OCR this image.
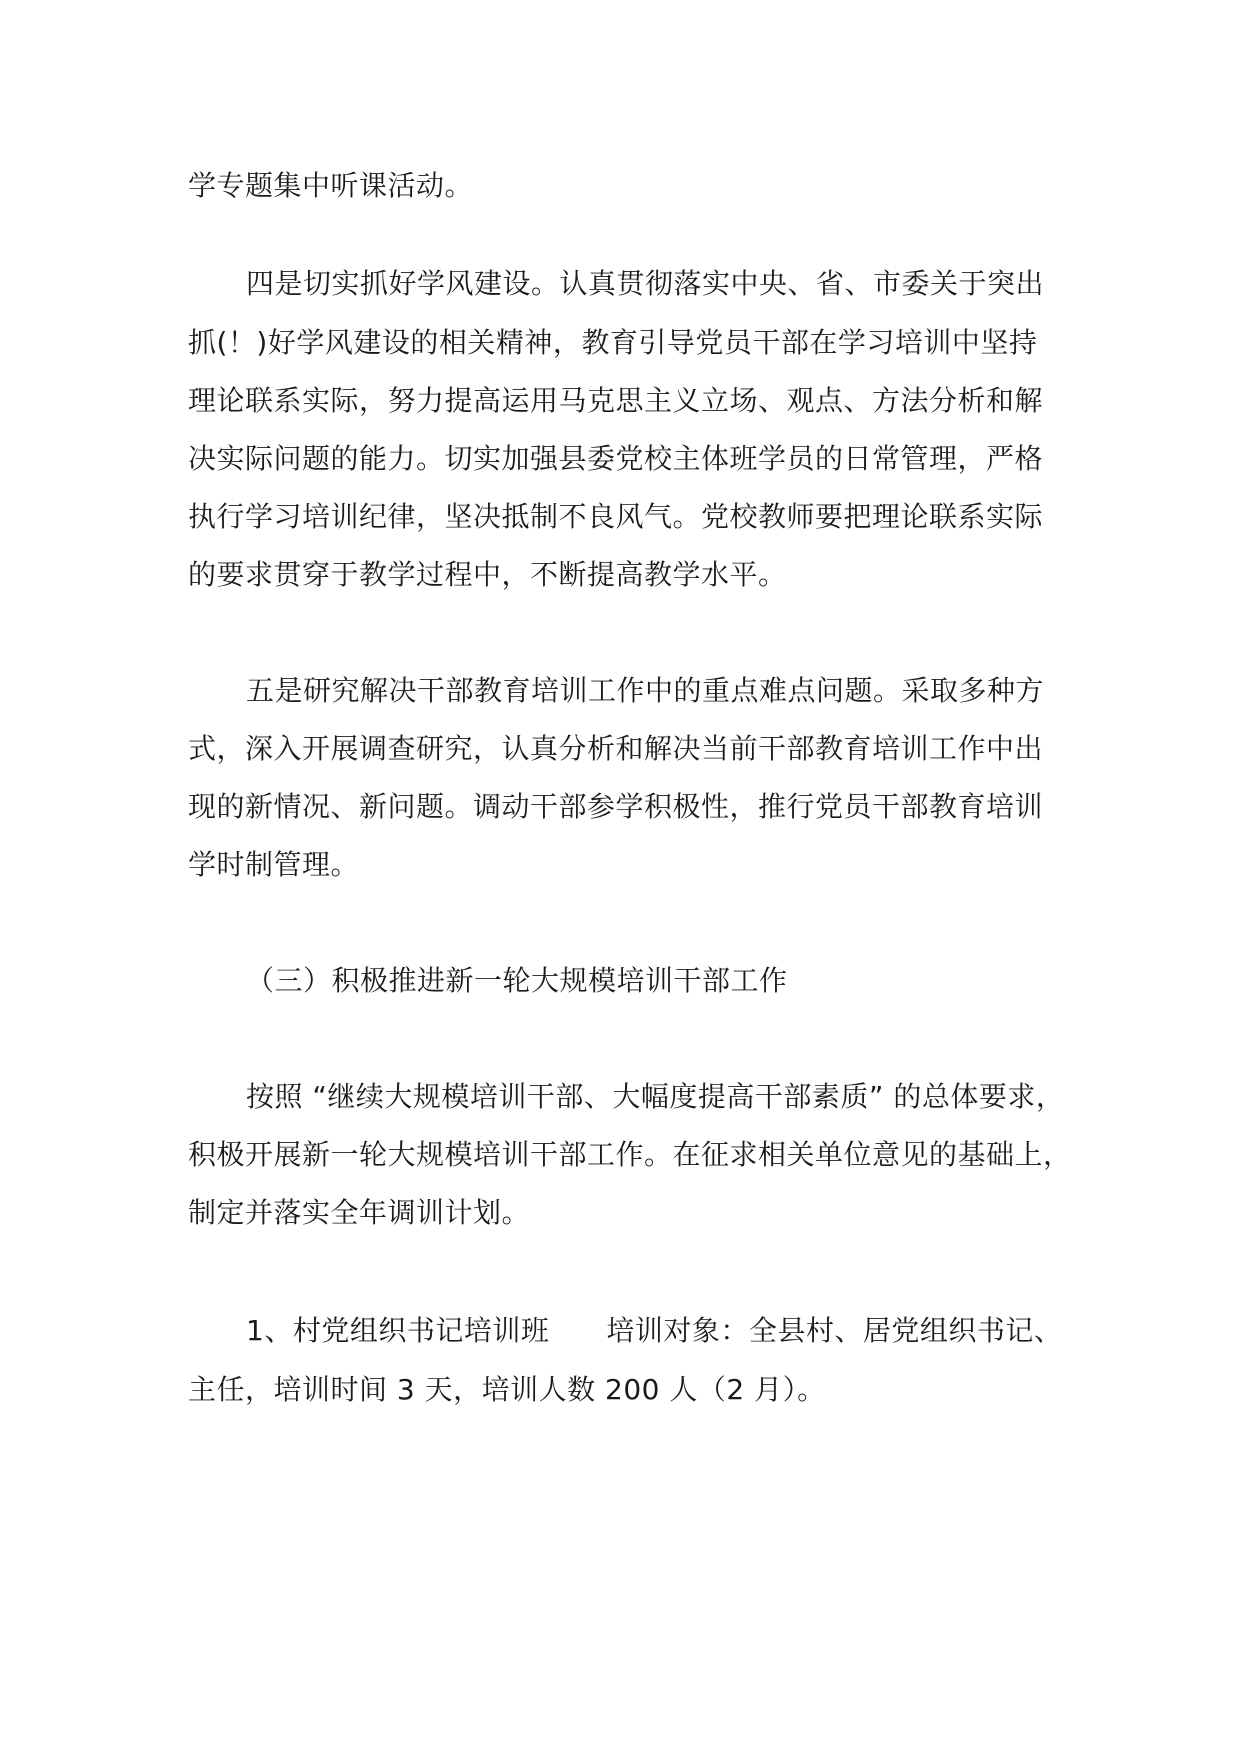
学专题集中听课活动。
四是切实抓好学风建设。认真贯彻落实中央、省、市委关于突出
抓(！)好学风建设的相关精神，教育引导党员干部在学习培训中坚持
理论联系实际，努力提高运用马克思主义立场、观点、方法分析和解
决实际问题的能力。切实加强县委党校主体班学员的日常管理，严格
执行学习培训纪律，坚决抵制不良风气。党校教师要把理论联系实际
的要求贯穿于教学过程中，不断提高教学水平。
五是研究解决干部教育培训工作中的重点难点问题。采取多种方
式，深入开展调查研究，认真分析和解决当前干部教育培训工作中出
现的新情况、新问题。调动干部参学积极性，推行党员干部教育培训
学时制管理。
（三）积极推进新一轮大规模培训干部工作
按照 “继续大规模培训干部、大幅度提高干部素质” 的总体要求，
积极开展新一轮大规模培训干部工作。在征求相关单位意见的基础上，
制定并落实全年调训计划。
1、村党组织书记培训班　　培训对象：全县村、居党组织书记、
主任，培训时间 3 天，培训人数 200 人（2 月）。
